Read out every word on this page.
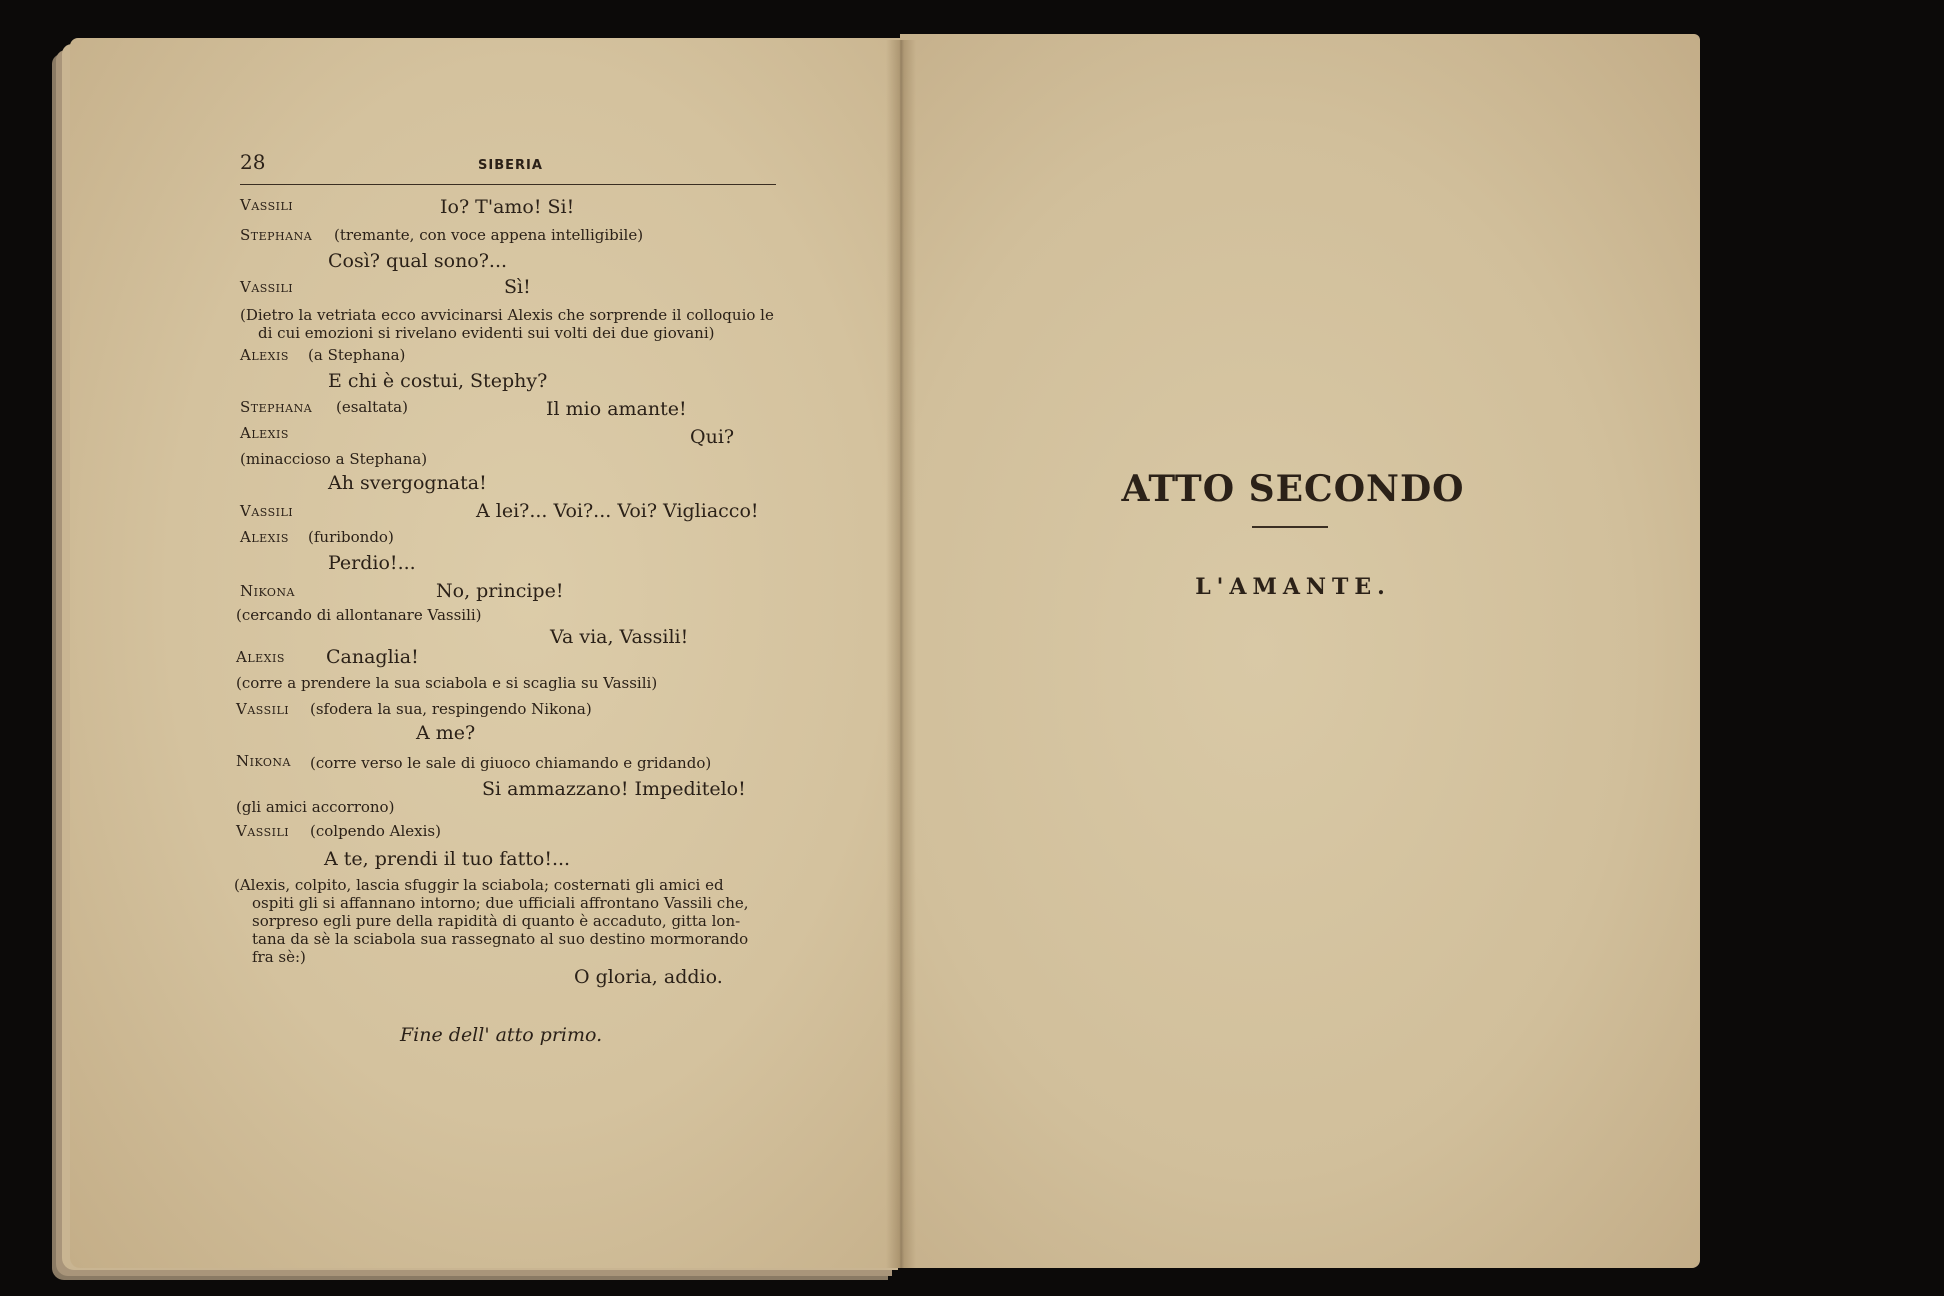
28	SIBERIA
Vassili	Io? T'amo! Si!
Stephana (tremante, con voce appena intelligibile)
Così? qual sono?...
Vassili	Sì!
(Dietro la vetriata ecco avvicinarsi Alexis che sorprende il colloquio le
di cui emozioni si rivelano evidenti sui volti dei due giovani)
Alexis (a Stephana)
E chi è costui, Stephy?
Stephana (esaltata)	Il mio amante!
Alexis	Qui?
(minaccioso a Stephana)
Ah svergognata!
Vassili	A lei?... Voi?... Voi? Vigliacco!
Alexis (furibondo)
Perdio!...
Nikona	No, principe!
(cercando di allontanare Vassili)
Va via, Vassili!
Alexis Canaglia!
(corre a prendere la sua sciabola e si scaglia su Vassili)
Vassili (sfodera la sua, respingendo Nikona)
A me?
Nikona (corre verso le sale di giuoco chiamando e gridando)
Si ammazzano! Impeditelo!
(gli amici accorrono)
Vassili (colpendo Alexis)
A te, prendi il tuo fatto!...
(Alexis, colpito, lascia sfuggir la sciabola; costernati gli amici ed
ospiti gli si affannano intorno; due ufficiali affrontano Vassili che,
sorpreso egli pure della rapidità di quanto è accaduto, gitta lon-
tana da sè la sciabola sua rassegnato al suo destino mormorando
fra sè:)
O gloria, addio.
Fine dell' atto primo.
ATTO SECONDO
L'AMANTE.
